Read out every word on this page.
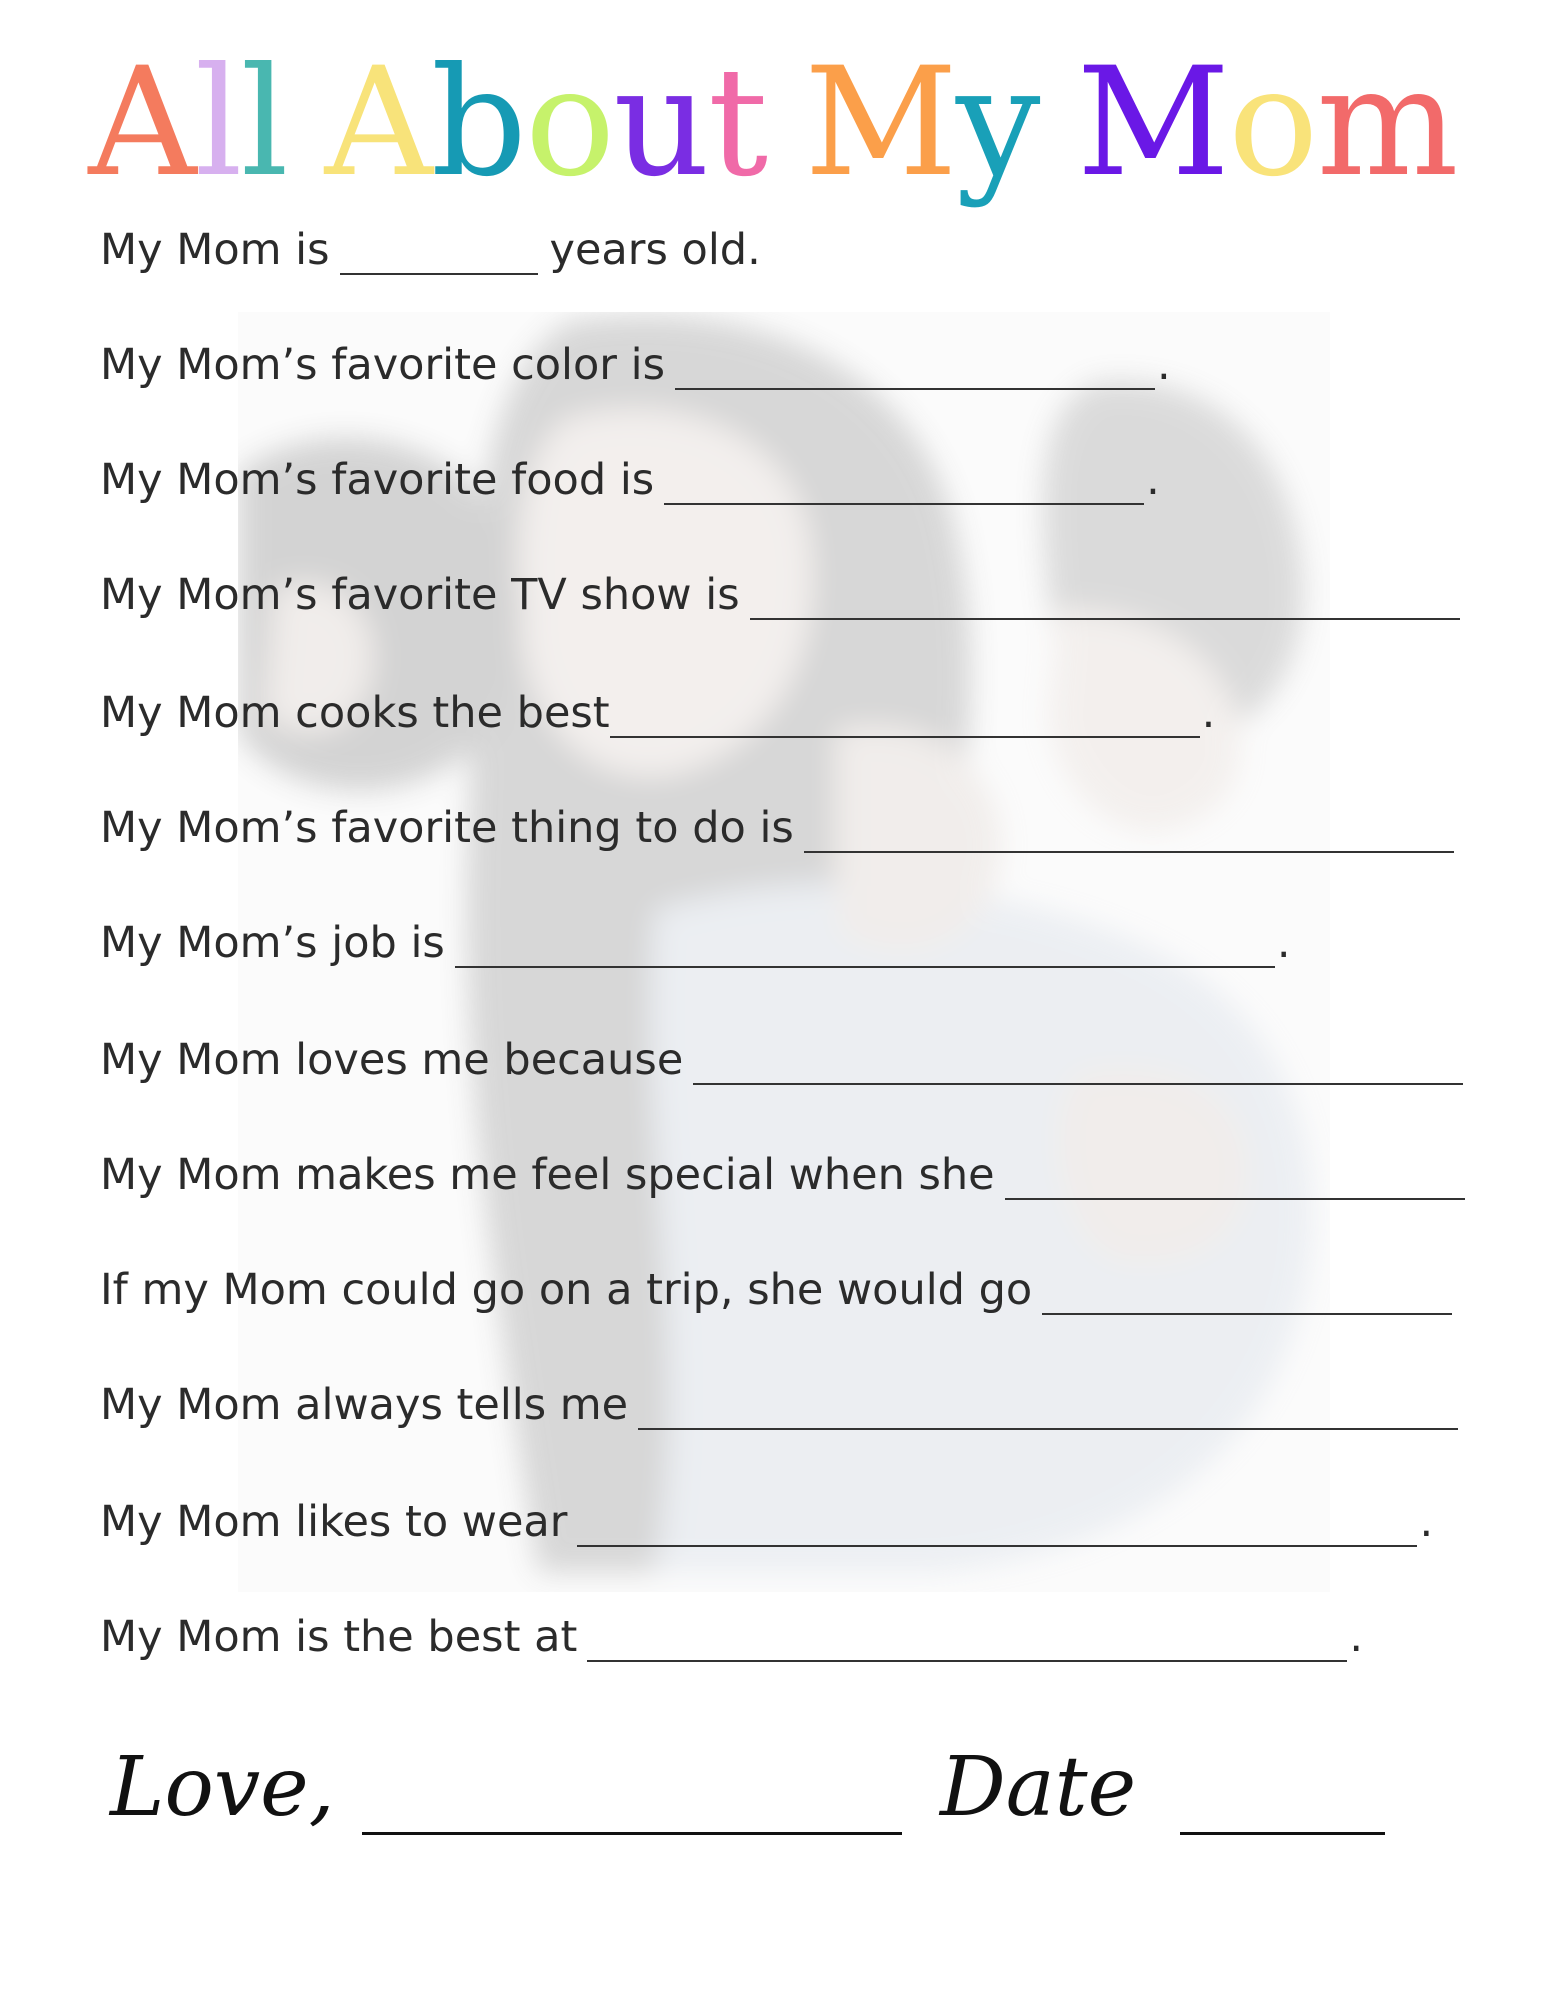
All About My Mom
My Mom is	years old.
My Mom’s favorite color is	.
My Mom’s favorite food is	.
My Mom’s favorite TV show is
My Mom cooks the best	.
My Mom’s favorite thing to do is
My Mom’s job is	.
My Mom loves me because
My Mom makes me feel special when she
If my Mom could go on a trip, she would go
My Mom always tells me
My Mom likes to wear	.
My Mom is the best at	.
Love,	Date
